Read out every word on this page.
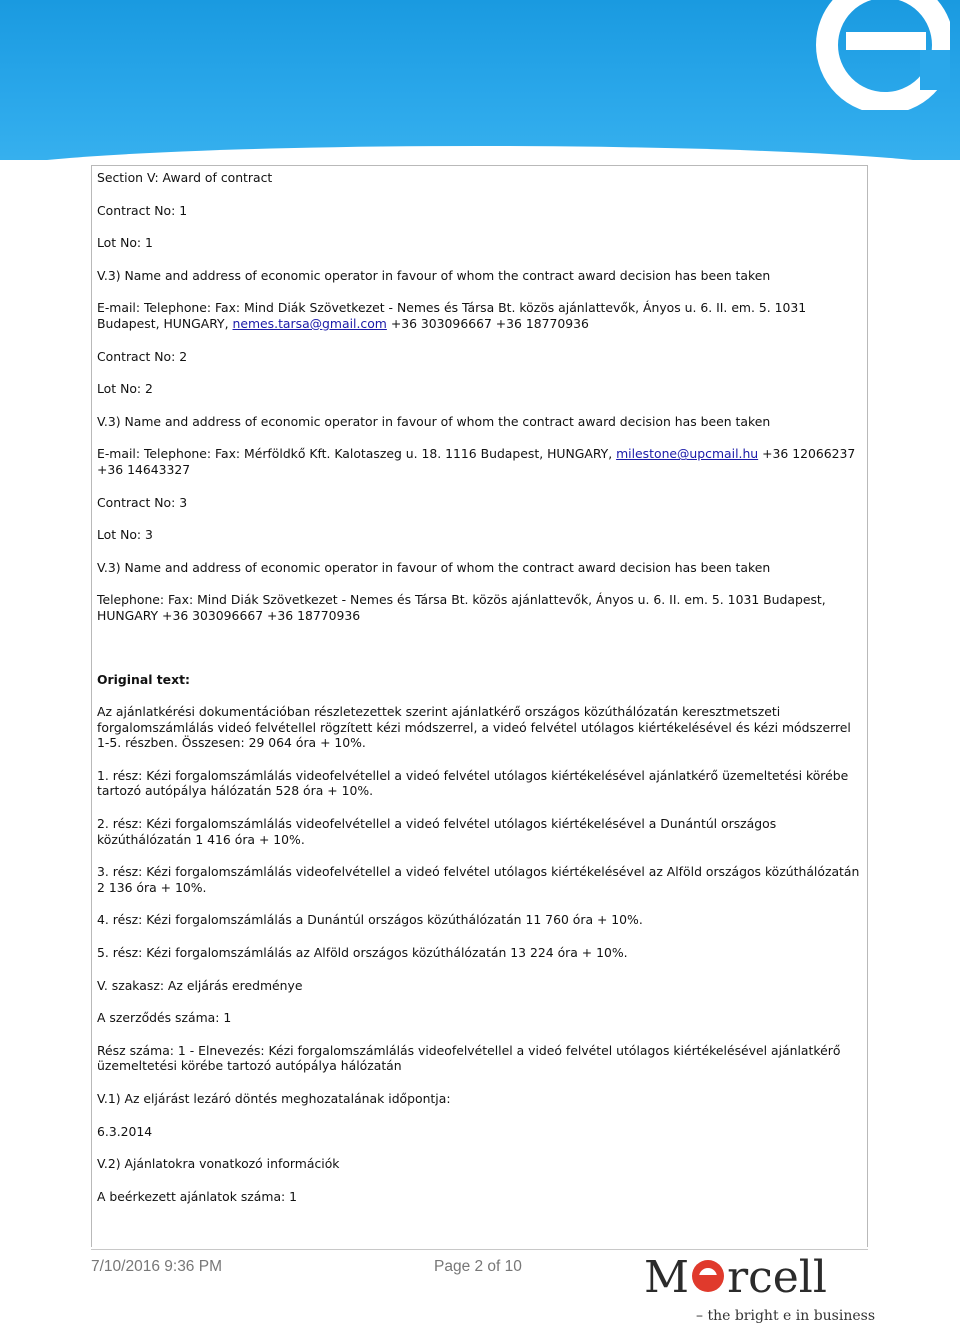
Section V: Award of contract

Contract No: 1

Lot No: 1

V.3) Name and address of economic operator in favour of whom the contract award decision has been taken

E-mail: Telephone: Fax: Mind Diák Szövetkezet - Nemes és Társa Bt. közös ajánlattevők, Ányos u. 6. II. em. 5. 1031 Budapest, HUNGARY, nemes.tarsa@gmail.com +36 303096667 +36 18770936

Contract No: 2

Lot No: 2

V.3) Name and address of economic operator in favour of whom the contract award decision has been taken

E-mail: Telephone: Fax: Mérföldkő Kft. Kalotaszeg u. 18. 1116 Budapest, HUNGARY, milestone@upcmail.hu +36 12066237 +36 14643327

Contract No: 3

Lot No: 3

V.3) Name and address of economic operator in favour of whom the contract award decision has been taken

Telephone: Fax: Mind Diák Szövetkezet - Nemes és Társa Bt. közös ajánlattevők, Ányos u. 6. II. em. 5. 1031 Budapest, HUNGARY +36 303096667 +36 18770936

Original text:

Az ajánlatkérési dokumentációban részletezettek szerint ajánlatkérő országos közúthálózatán keresztmetszeti forgalomszámlálás videó felvétellel rögzített kézi módszerrel, a videó felvétel utólagos kiértékelésével és kézi módszerrel 1-5. részben. Összesen: 29 064 óra + 10%.

1. rész: Kézi forgalomszámlálás videofelvétellel a videó felvétel utólagos kiértékelésével ajánlatkérő üzemeltetési körébe tartozó autópálya hálózatán 528 óra + 10%.

2. rész: Kézi forgalomszámlálás videofelvétellel a videó felvétel utólagos kiértékelésével a Dunántúl országos közúthálózatán 1 416 óra + 10%.

3. rész: Kézi forgalomszámlálás videofelvétellel a videó felvétel utólagos kiértékelésével az Alföld országos közúthálózatán 2 136 óra + 10%.

4. rész: Kézi forgalomszámlálás a Dunántúl országos közúthálózatán 11 760 óra + 10%.

5. rész: Kézi forgalomszámlálás az Alföld országos közúthálózatán 13 224 óra + 10%.

V. szakasz: Az eljárás eredménye

A szerződés száma: 1

Rész száma: 1 - Elnevezés: Kézi forgalomszámlálás videofelvétellel a videó felvétel utólagos kiértékelésével ajánlatkérő üzemeltetési körébe tartozó autópálya hálózatán

V.1) Az eljárást lezáró döntés meghozatalának időpontja:

6.3.2014

V.2) Ajánlatokra vonatkozó információk

A beérkezett ajánlatok száma: 1

7/10/2016 9:36 PM	Page 2 of 10	M rcell
– the bright e in business
